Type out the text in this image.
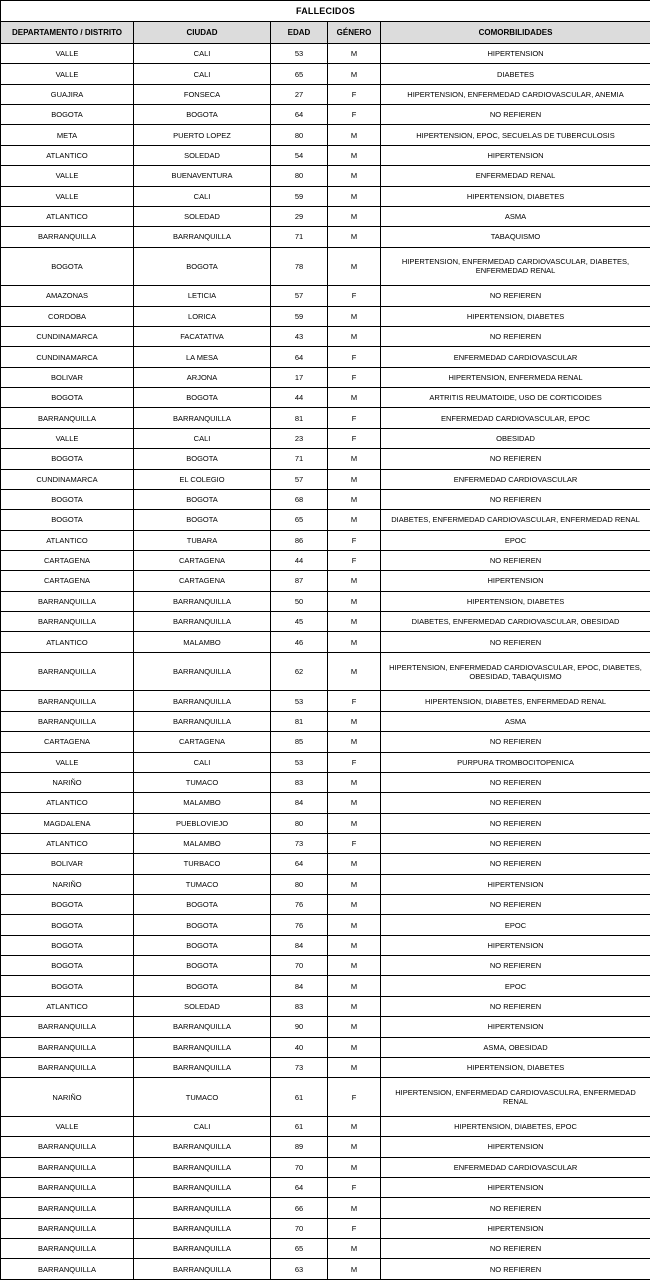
FALLECIDOS				
DEPARTAMENTO / DISTRITO	CIUDAD	EDAD	GÉNERO	COMORBILIDADES
VALLE	CALI	53	M	HIPERTENSION
VALLE	CALI	65	M	DIABETES
GUAJIRA	FONSECA	27	F	HIPERTENSION, ENFERMEDAD CARDIOVASCULAR, ANEMIA
BOGOTA	BOGOTA	64	F	NO REFIEREN
META	PUERTO LOPEZ	80	M	HIPERTENSION, EPOC, SECUELAS DE TUBERCULOSIS
ATLANTICO	SOLEDAD	54	M	HIPERTENSION
VALLE	BUENAVENTURA	80	M	ENFERMEDAD RENAL
VALLE	CALI	59	M	HIPERTENSION, DIABETES
ATLANTICO	SOLEDAD	29	M	ASMA
BARRANQUILLA	BARRANQUILLA	71	M	TABAQUISMO
BOGOTA	BOGOTA	78	M	HIPERTENSION, ENFERMEDAD CARDIOVASCULAR, DIABETES, ENFERMEDAD RENAL
AMAZONAS	LETICIA	57	F	NO REFIEREN
CORDOBA	LORICA	59	M	HIPERTENSION, DIABETES
CUNDINAMARCA	FACATATIVA	43	M	NO REFIEREN
CUNDINAMARCA	LA MESA	64	F	ENFERMEDAD CARDIOVASCULAR
BOLIVAR	ARJONA	17	F	HIPERTENSION, ENFERMEDA RENAL
BOGOTA	BOGOTA	44	M	ARTRITIS REUMATOIDE, USO DE CORTICOIDES
BARRANQUILLA	BARRANQUILLA	81	F	ENFERMEDAD CARDIOVASCULAR, EPOC
VALLE	CALI	23	F	OBESIDAD
BOGOTA	BOGOTA	71	M	NO REFIEREN
CUNDINAMARCA	EL COLEGIO	57	M	ENFERMEDAD CARDIOVASCULAR
BOGOTA	BOGOTA	68	M	NO REFIEREN
BOGOTA	BOGOTA	65	M	DIABETES, ENFERMEDAD CARDIOVASCULAR, ENFERMEDAD RENAL
ATLANTICO	TUBARA	86	F	EPOC
CARTAGENA	CARTAGENA	44	F	NO REFIEREN
CARTAGENA	CARTAGENA	87	M	HIPERTENSION
BARRANQUILLA	BARRANQUILLA	50	M	HIPERTENSION, DIABETES
BARRANQUILLA	BARRANQUILLA	45	M	DIABETES, ENFERMEDAD CARDIOVASCULAR, OBESIDAD
ATLANTICO	MALAMBO	46	M	NO REFIEREN
BARRANQUILLA	BARRANQUILLA	62	M	HIPERTENSION, ENFERMEDAD CARDIOVASCULAR, EPOC, DIABETES, OBESIDAD, TABAQUISMO
BARRANQUILLA	BARRANQUILLA	53	F	HIPERTENSION, DIABETES, ENFERMEDAD RENAL
BARRANQUILLA	BARRANQUILLA	81	M	ASMA
CARTAGENA	CARTAGENA	85	M	NO REFIEREN
VALLE	CALI	53	F	PURPURA TROMBOCITOPENICA
NARIÑO	TUMACO	83	M	NO REFIEREN
ATLANTICO	MALAMBO	84	M	NO REFIEREN
MAGDALENA	PUEBLOVIEJO	80	M	NO REFIEREN
ATLANTICO	MALAMBO	73	F	NO REFIEREN
BOLIVAR	TURBACO	64	M	NO REFIEREN
NARIÑO	TUMACO	80	M	HIPERTENSION
BOGOTA	BOGOTA	76	M	NO REFIEREN
BOGOTA	BOGOTA	76	M	EPOC
BOGOTA	BOGOTA	84	M	HIPERTENSION
BOGOTA	BOGOTA	70	M	NO REFIEREN
BOGOTA	BOGOTA	84	M	EPOC
ATLANTICO	SOLEDAD	83	M	NO REFIEREN
BARRANQUILLA	BARRANQUILLA	90	M	HIPERTENSION
BARRANQUILLA	BARRANQUILLA	40	M	ASMA, OBESIDAD
BARRANQUILLA	BARRANQUILLA	73	M	HIPERTENSION, DIABETES
NARIÑO	TUMACO	61	F	HIPERTENSION, ENFERMEDAD CARDIOVASCULRA, ENFERMEDAD RENAL
VALLE	CALI	61	M	HIPERTENSION, DIABETES, EPOC
BARRANQUILLA	BARRANQUILLA	89	M	HIPERTENSION
BARRANQUILLA	BARRANQUILLA	70	M	ENFERMEDAD CARDIOVASCULAR
BARRANQUILLA	BARRANQUILLA	64	F	HIPERTENSION
BARRANQUILLA	BARRANQUILLA	66	M	NO REFIEREN
BARRANQUILLA	BARRANQUILLA	70	F	HIPERTENSION
BARRANQUILLA	BARRANQUILLA	65	M	NO REFIEREN
BARRANQUILLA	BARRANQUILLA	63	M	NO REFIEREN
